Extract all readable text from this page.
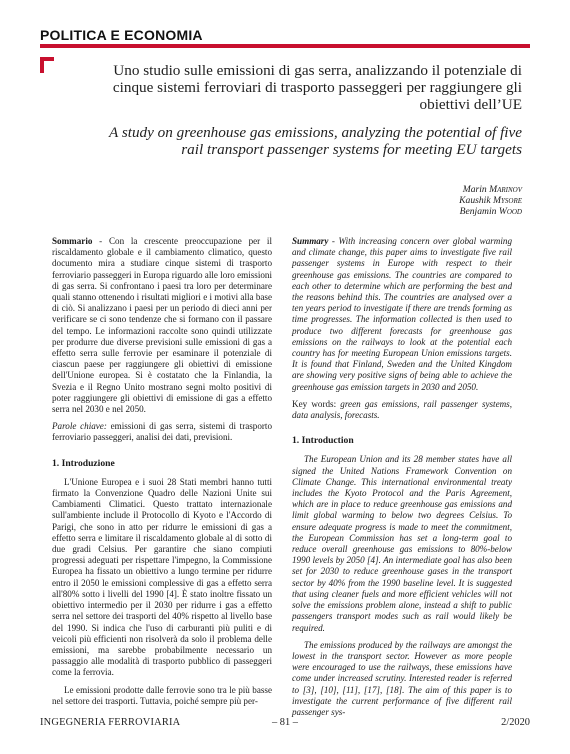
POLITICA E ECONOMIA
Uno studio sulle emissioni di gas serra, analizzando il potenziale di cinque sistemi ferroviari di trasporto passeggeri per raggiungere gli obiettivi dell’UE
A study on greenhouse gas emissions, analyzing the potential of five rail transport passenger systems for meeting EU targets
Marin Marinov
Kaushik Mysore
Benjamin Wood

Sommario - Con la crescente preoccupazione per il riscaldamento globale e il cambiamento climatico, questo documento mira a studiare cinque sistemi di trasporto ferroviario passeggeri in Europa riguardo alle loro emissioni di gas serra. Si confrontano i paesi tra loro per determinare quali stanno ottenendo i risultati migliori e i motivi alla base di ciò. Si analizzano i paesi per un periodo di dieci anni per verificare se ci sono tendenze che si formano con il passare del tempo. Le informazioni raccolte sono quindi utilizzate per produrre due diverse previsioni sulle emissioni di gas a effetto serra sulle ferrovie per esaminare il potenziale di ciascun paese per raggiungere gli obiettivi di emissione dell'Unione europea. Si è costatato che la Finlandia, la Svezia e il Regno Unito mostrano segni molto positivi di poter raggiungere gli obiettivi di emissione di gas a effetto serra nel 2030 e nel 2050.

Parole chiave: emissioni di gas serra, sistemi di trasporto ferroviario passeggeri, analisi dei dati, previsioni.

1. Introduzione

L'Unione Europea e i suoi 28 Stati membri hanno tutti firmato la Convenzione Quadro delle Nazioni Unite sui Cambiamenti Climatici. Questo trattato internazionale sull'ambiente include il Protocollo di Kyoto e l'Accordo di Parigi, che sono in atto per ridurre le emissioni di gas a effetto serra e limitare il riscaldamento globale al di sotto di due gradi Celsius. Per garantire che siano compiuti progressi adeguati per rispettare l'impegno, la Commissione Europea ha fissato un obiettivo a lungo termine per ridurre entro il 2050 le emissioni complessive di gas a effetto serra all'80% sotto i livelli del 1990 [4]. È stato inoltre fissato un obiettivo intermedio per il 2030 per ridurre i gas a effetto serra nel settore dei trasporti del 40% rispetto al livello base del 1990. Si indica che l'uso di carburanti più puliti e di veicoli più efficienti non risolverà da solo il problema delle emissioni, ma sarebbe probabilmente necessario un passaggio alle modalità di trasporto pubblico di passeggeri come la ferrovia.

Le emissioni prodotte dalle ferrovie sono tra le più basse nel settore dei trasporti. Tuttavia, poiché sempre più per-

Summary - With increasing concern over global warming and climate change, this paper aims to investigate five rail passenger systems in Europe with respect to their greenhouse gas emissions. The countries are compared to each other to determine which are performing the best and the reasons behind this. The countries are analysed over a ten years period to investigate if there are trends forming as time progresses. The information collected is then used to produce two different forecasts for greenhouse gas emissions on the railways to look at the potential each country has for meeting European Union emissions targets. It is found that Finland, Sweden and the United Kingdom are showing very positive signs of being able to achieve the greenhouse gas emission targets in 2030 and 2050.

Key words: green gas emissions, rail passenger systems, data analysis, forecasts.

1. Introduction

The European Union and its 28 member states have all signed the United Nations Framework Convention on Climate Change. This international environmental treaty includes the Kyoto Protocol and the Paris Agreement, which are in place to reduce greenhouse gas emissions and limit global warming to below two degrees Celsius. To ensure adequate progress is made to meet the commitment, the European Commission has set a long-term goal to reduce overall greenhouse gas emissions to 80%-below 1990 levels by 2050 [4]. An intermediate goal has also been set for 2030 to reduce greenhouse gases in the transport sector by 40% from the 1990 baseline level. It is suggested that using cleaner fuels and more efficient vehicles will not solve the emissions problem alone, instead a shift to public passengers transport modes such as rail would likely be required.

The emissions produced by the railways are amongst the lowest in the transport sector. However as more people were encouraged to use the railways, these emissions have come under increased scrutiny. Interested reader is referred to [3], [10], [11], [17], [18]. The aim of this paper is to investigate the current performance of five different rail passenger sys-

INGEGNERIA FERROVIARIA	– 81 –	2/2020
